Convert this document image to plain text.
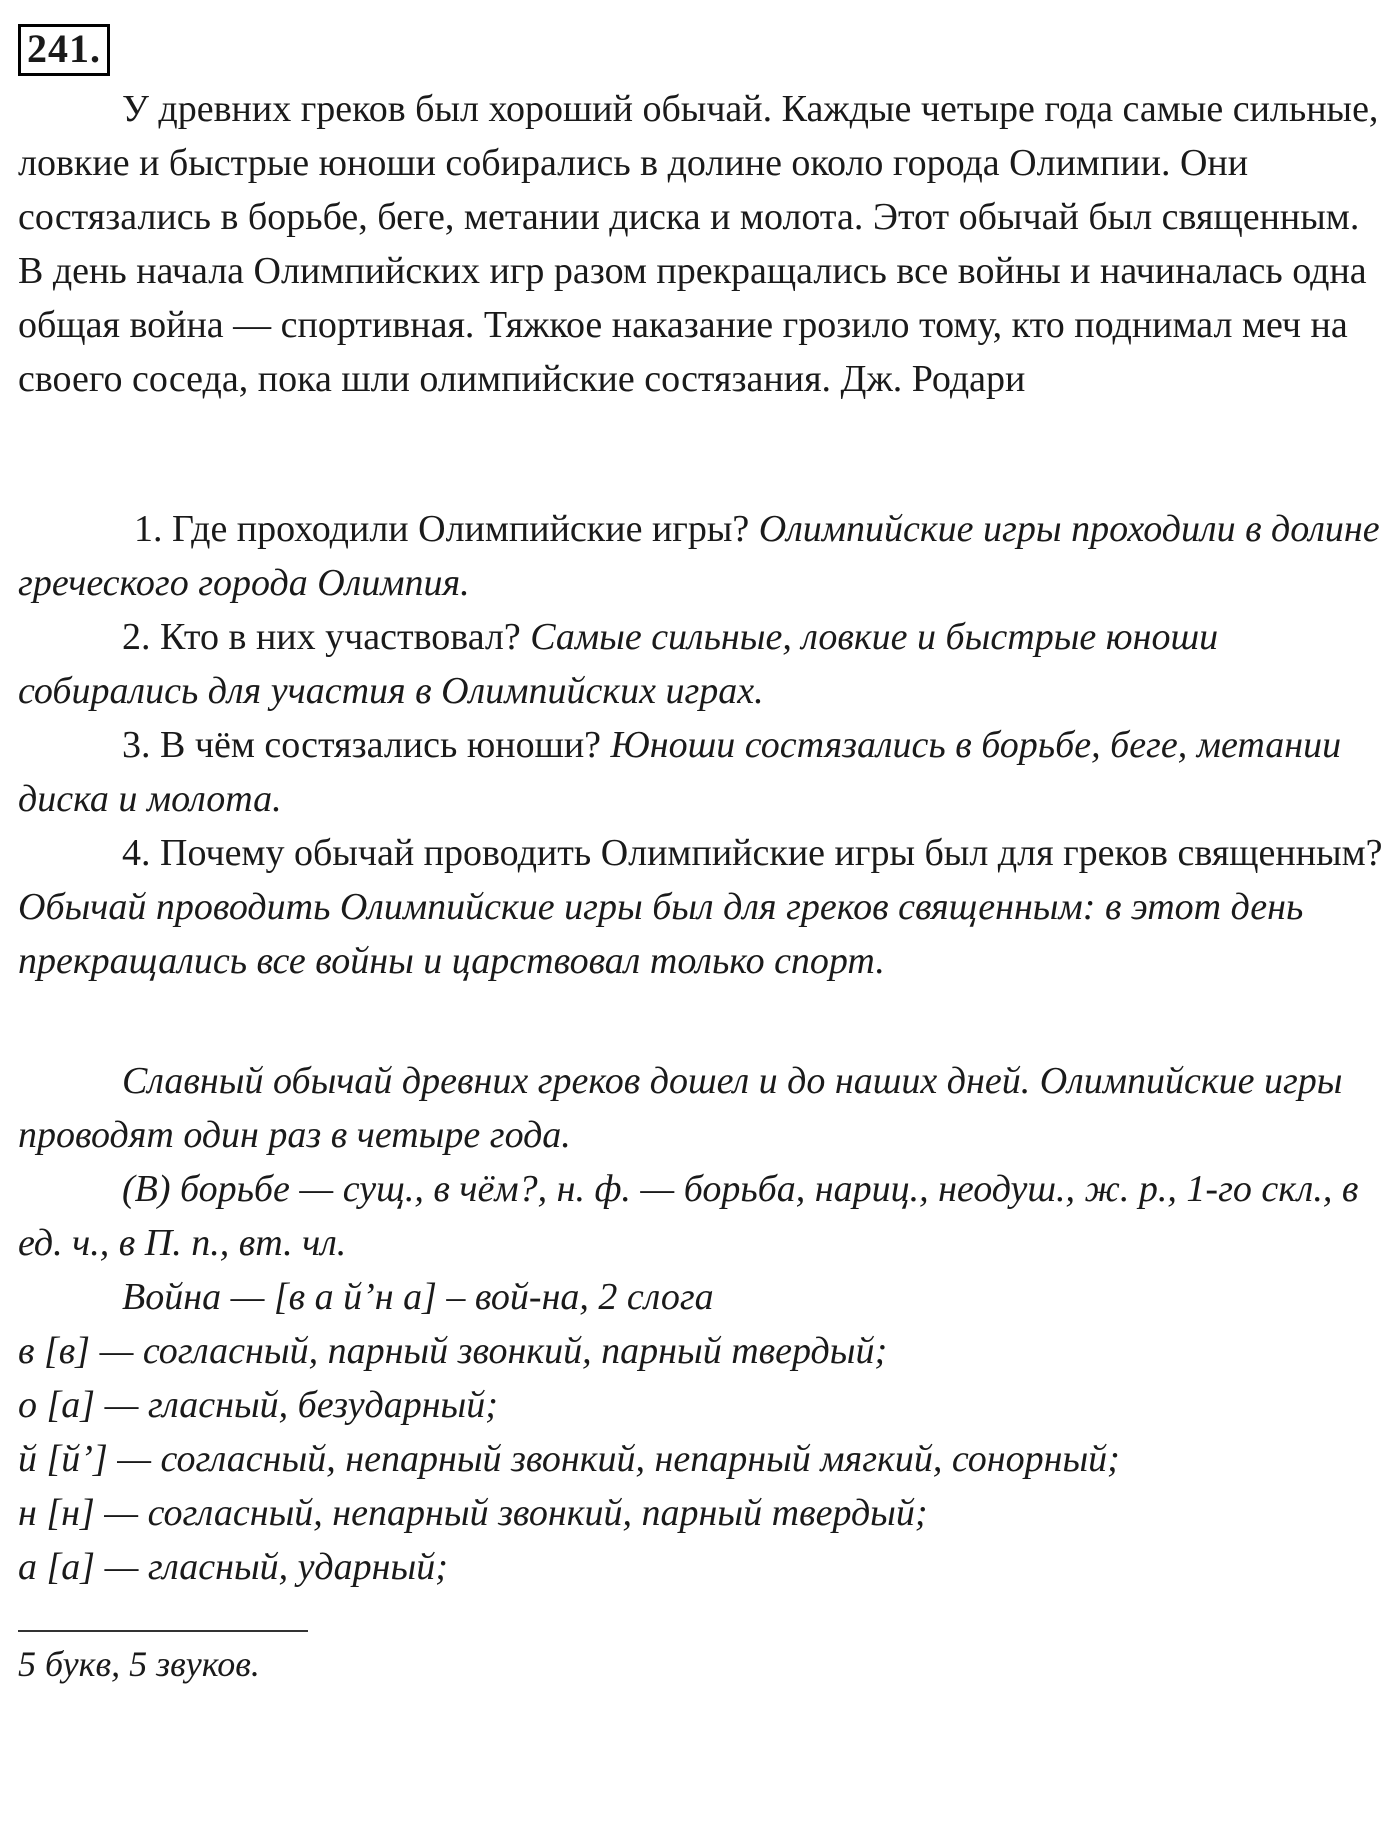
241.

У древних греков был хороший обычай. Каждые четыре года самые сильные, ловкие и быстрые юноши собирались в долине около города Олимпии. Они состязались в борьбе, беге, метании диска и молота. Этот обычай был священным. В день начала Олимпийских игр разом прекращались все войны и начиналась одна общая война — спортивная. Тяжкое наказание грозило тому, кто поднимал меч на своего соседа, пока шли олимпийские состязания. Дж. Родари

1. Где проходили Олимпийские игры? Олимпийские игры проходили в долине греческого города Олимпия.

2. Кто в них участвовал? Самые сильные, ловкие и быстрые юноши собирались для участия в Олимпийских играх.

3. В чём состязались юноши? Юноши состязались в борьбе, беге, метании диска и молота.

4. Почему обычай проводить Олимпийские игры был для греков священным? Обычай проводить Олимпийские игры был для греков священным: в этот день прекращались все войны и царствовал только спорт.

Славный обычай древних греков дошел и до наших дней. Олимпийские игры проводят один раз в четыре года.

(В) борьбе — сущ., в чём?, н. ф. — борьба, нариц., неодуш., ж. р., 1-го скл., в ед. ч., в П. п., вт. чл.

Война — [в а й’н а] – вой-на, 2 слога

в [в] — согласный, парный звонкий, парный твердый;

о [а] — гласный, безударный;

й [й’] — согласный, непарный звонкий, непарный мягкий, сонорный;

н [н] — согласный, непарный звонкий, парный твердый;

а [а] — гласный, ударный;

5 букв, 5 звуков.
